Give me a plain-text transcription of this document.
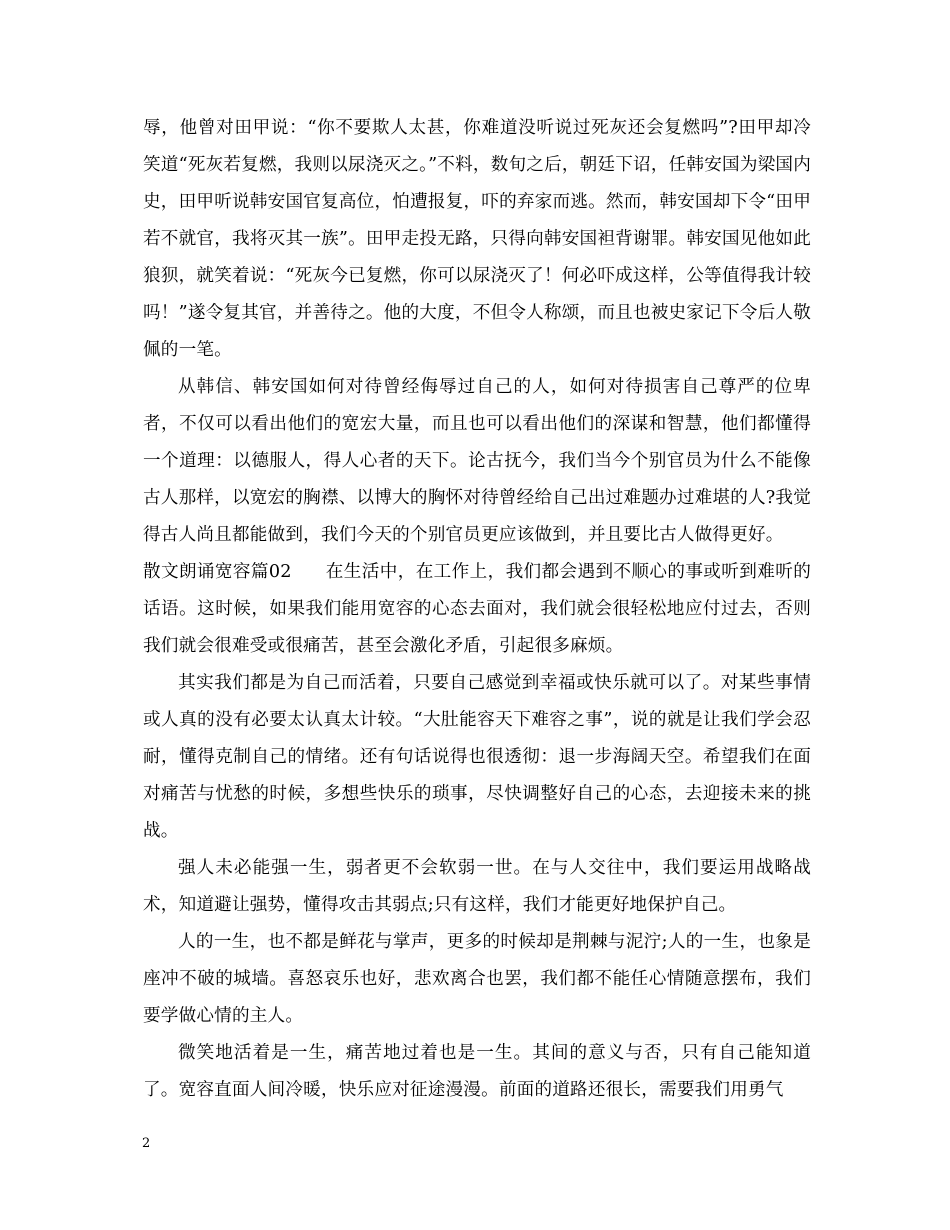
辱，他曾对田甲说：“你不要欺人太甚，你难道没听说过死灰还会复燃吗”?田甲却冷笑道“死灰若复燃，我则以尿浇灭之。”不料，数旬之后，朝廷下诏，任韩安国为梁国内史，田甲听说韩安国官复高位，怕遭报复，吓的弃家而逃。然而，韩安国却下令“田甲若不就官，我将灭其一族”。田甲走投无路，只得向韩安国袒背谢罪。韩安国见他如此狼狈，就笑着说：“死灰今已复燃，你可以尿浇灭了！何必吓成这样，公等值得我计较吗！”遂令复其官，并善待之。他的大度，不但令人称颂，而且也被史家记下令后人敬佩的一笔。

从韩信、韩安国如何对待曾经侮辱过自己的人，如何对待损害自己尊严的位卑者，不仅可以看出他们的宽宏大量，而且也可以看出他们的深谋和智慧，他们都懂得一个道理：以德服人，得人心者的天下。论古抚今，我们当今个别官员为什么不能像古人那样，以宽宏的胸襟、以博大的胸怀对待曾经给自己出过难题办过难堪的人?我觉得古人尚且都能做到，我们今天的个别官员更应该做到，并且要比古人做得更好。

散文朗诵宽容篇02 在生活中，在工作上，我们都会遇到不顺心的事或听到难听的话语。这时候，如果我们能用宽容的心态去面对，我们就会很轻松地应付过去，否则我们就会很难受或很痛苦，甚至会激化矛盾，引起很多麻烦。

其实我们都是为自己而活着，只要自己感觉到幸福或快乐就可以了。对某些事情或人真的没有必要太认真太计较。“大肚能容天下难容之事”，说的就是让我们学会忍耐，懂得克制自己的情绪。还有句话说得也很透彻：退一步海阔天空。希望我们在面对痛苦与忧愁的时候，多想些快乐的琐事，尽快调整好自己的心态，去迎接未来的挑战。

强人未必能强一生，弱者更不会软弱一世。在与人交往中，我们要运用战略战术，知道避让强势，懂得攻击其弱点;只有这样，我们才能更好地保护自己。

人的一生，也不都是鲜花与掌声，更多的时候却是荆棘与泥泞;人的一生，也象是座冲不破的城墙。喜怒哀乐也好，悲欢离合也罢，我们都不能任心情随意摆布，我们要学做心情的主人。

微笑地活着是一生，痛苦地过着也是一生。其间的意义与否，只有自己能知道了。宽容直面人间冷暖，快乐应对征途漫漫。前面的道路还很长，需要我们用勇气

2
